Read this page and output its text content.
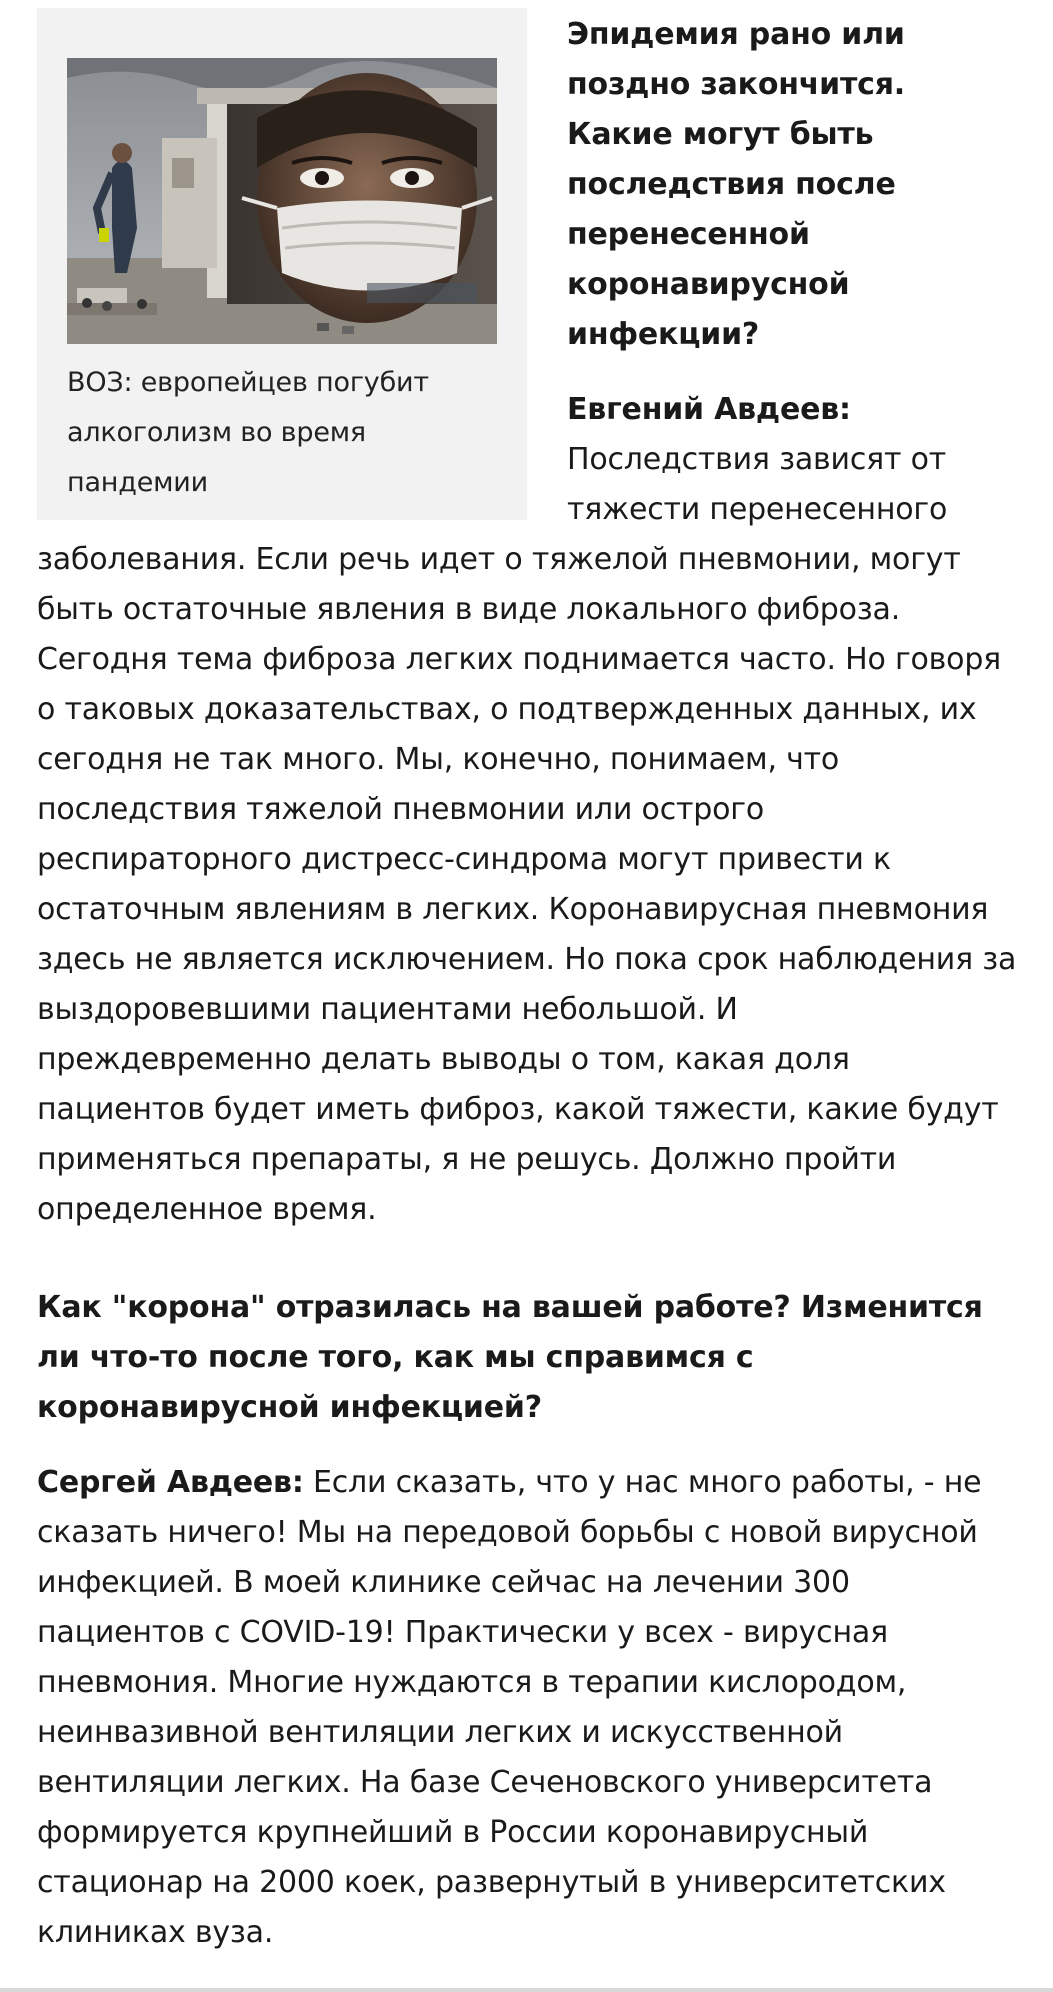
ВОЗ: европейцев погубит алкоголизм во время пандемии

Эпидемия рано или поздно закончится. Какие могут быть последствия после перенесенной коронавирусной инфекции?

Евгений Авдеев:
Последствия зависят от тяжести перенесенного заболевания. Если речь идет о тяжелой пневмонии, могут быть остаточные явления в виде локального фиброза. Сегодня тема фиброза легких поднимается часто. Но говоря о таковых доказательствах, о подтвержденных данных, их сегодня не так много. Мы, конечно, понимаем, что последствия тяжелой пневмонии или острого респираторного дистресс-синдрома могут привести к остаточным явлениям в легких. Коронавирусная пневмония здесь не является исключением. Но пока срок наблюдения за выздоровевшими пациентами небольшой. И преждевременно делать выводы о том, какая доля пациентов будет иметь фиброз, какой тяжести, какие будут применяться препараты, я не решусь. Должно пройти определенное время.

Как "корона" отразилась на вашей работе? Изменится ли что-то после того, как мы справимся с коронавирусной инфекцией?

Сергей Авдеев: Если сказать, что у нас много работы, - не сказать ничего! Мы на передовой борьбы с новой вирусной инфекцией. В моей клинике сейчас на лечении 300 пациентов с COVID-19! Практически у всех - вирусная пневмония. Многие нуждаются в терапии кислородом, неинвазивной вентиляции легких и искусственной вентиляции легких. На базе Сеченовского университета формируется крупнейший в России коронавирусный стационар на 2000 коек, развернутый в университетских клиниках вуза.
